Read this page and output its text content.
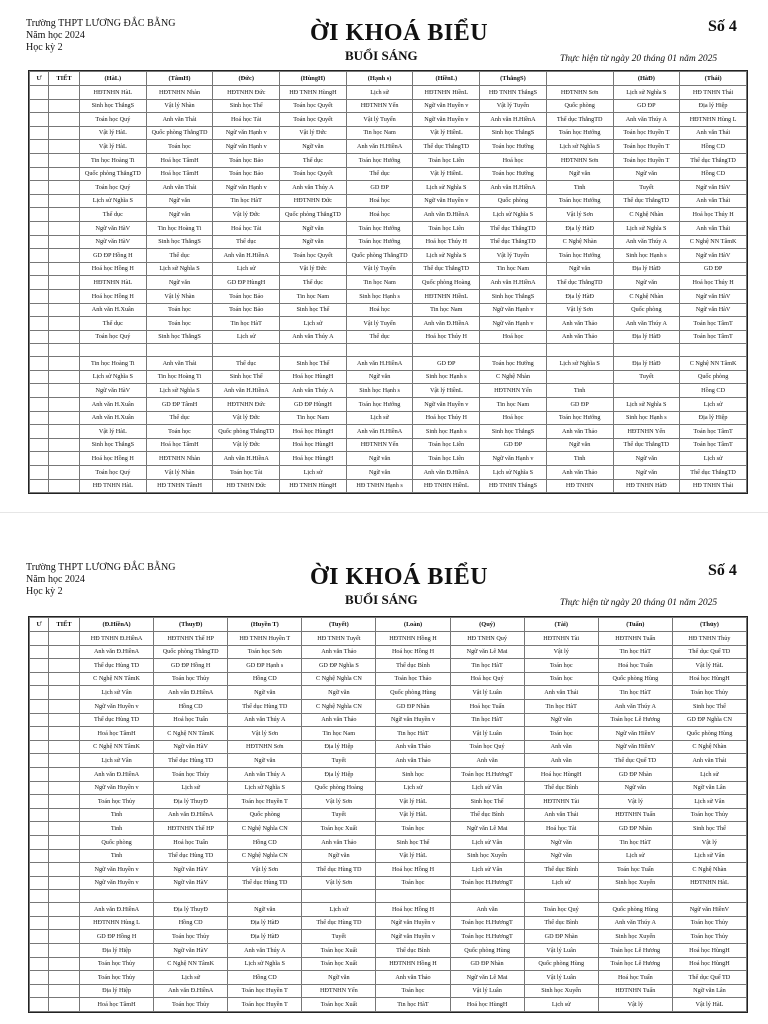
Trường THPT LƯƠNG ĐẮC BẰNG
Năm học 2024
Học kỳ 2
ỜI KHOÁ BIỂU
BUỔI SÁNG
Số 4
Thực hiện từ ngày 20 tháng 01 năm 2025
Ư	TIẾT	(HàL)	(TâmH)	(Đức)	(HùngH)	(Hạnh s)	(HiềnL)	(ThắngS)		(HàĐ)	(Thái)
		HĐTNHN HàL	HĐTNHN Nhàn	HĐTNHN Đức	HĐ TNHN HùngH	Lịch sử	HĐTNHN HiềnL	HĐ TNHN ThắngS	HĐTNHN Sơn	Lịch sử Nghĩa S	HĐ TNHN Thái
		Sinh học ThắngS	Vật lý Nhàn	Sinh học Thể	Toán học Quyết	HĐTNHN Yến	Ngữ văn Huyền v	Vật lý Tuyến	Quốc phòng	GD ĐP	Địa lý Hiệp
		Toán học Quý	Anh văn Thái	Hoá học Tài	Toán học Quyết	Vật lý Tuyến	Ngữ văn Huyền v	Anh văn H.HiềnA	Thể dục ThắngTD	Anh văn Thúy A	HĐTNHN Hùng L
		Vật lý HàL	Quốc phòng ThắngTD	Ngữ văn Hạnh v	Vật lý Đức	Tin học Nam	Vật lý HiềnL	Sinh học ThắngS	Toán học Hướng	Toán học Huyền T	Anh văn Thái
		Vật lý HàL	Toán học	Ngữ văn Hạnh v	Ngữ văn	Anh văn H.HiềnA	Thể dục ThắngTD	Toán học Hướng	Lịch sử Nghĩa S	Toán học Huyền T	Hồng CD
		Tin học Hoàng Ti	Hoá học TâmH	Toán học Bảo	Thể dục	Toán học Hướng	Toán học Liên	Hoá học	HĐTNHN Sơn	Toán học Huyền T	Thể dục ThắngTD
		Quốc phòng ThắngTD	Hoá học TâmH	Toán học Bảo	Toán học Quyết	Thể dục	Vật lý HiềnL	Toán học Hướng	Ngữ văn	Ngữ văn	Hồng CD
		Toán học Quý	Anh văn Thái	Ngữ văn Hạnh v	Anh văn Thúy A	GD ĐP	Lịch sử Nghĩa S	Anh văn H.HiềnA	Tinh	Tuyết	Ngữ văn HàV
		Lịch sử Nghĩa S	Ngữ văn	Tin học HàT	HĐTNHN Đức	Hoá học	Ngữ văn Huyền v	Quốc phòng	Toán học Hướng	Thể dục ThắngTD	Anh văn Thái
		Thể dục	Ngữ văn	Vật lý Đức	Quốc phòng ThắngTD	Hoá học	Anh văn Đ.HiềnA	Lịch sử Nghĩa S	Vật lý Sơn	C Nghệ Nhàn	Hoá học Thúy H
		Ngữ văn HàV	Tin học Hoàng Ti	Hoá học Tài	Ngữ văn	Toán học Hướng	Toán học Liên	Thể dục ThắngTD	Địa lý HàĐ	Lịch sử Nghĩa S	Anh văn Thái
		Ngữ văn HàV	Sinh học ThắngS	Thể dục	Ngữ văn	Toán học Hướng	Hoá học Thúy H	Thể dục ThắngTD	C Nghệ Nhàn	Anh văn Thúy A	C Nghệ NN TâmK
		GD ĐP Hồng H	Thể dục	Anh văn H.HiềnA	Toán học Quyết	Quốc phòng ThắngTD	Lịch sử Nghĩa S	Vật lý Tuyến	Toán học Hướng	Sinh học Hạnh s	Ngữ văn HàV
		Hoá học Hồng H	Lịch sử Nghĩa S	Lịch sử	Vật lý Đức	Vật lý Tuyến	Thể dục ThắngTD	Tin học Nam	Ngữ văn	Địa lý HàĐ	GD ĐP
		HĐTNHN HàL	Ngữ văn	GD ĐP HùngH	Thể dục	Tin học Nam	Quốc phòng Hoàng	Anh văn H.HiềnA	Thể dục ThắngTD	Ngữ văn	Hoá học Thúy H
		Hoá học Hồng H	Vật lý Nhàn	Toán học Bảo	Tin học Nam	Sinh học Hạnh s	HĐTNHN HiềnL	Sinh học ThắngS	Địa lý HàĐ	C Nghệ Nhàn	Ngữ văn HàV
		Anh văn H.Xuân	Toán học	Toán học Bảo	Sinh học Thể	Hoá học	Tin học Nam	Ngữ văn Hạnh v	Vật lý Sơn	Quốc phòng	Ngữ văn HàV
		Thể dục	Toán học	Tin học HàT	Lịch sử	Vật lý Tuyến	Anh văn Đ.HiềnA	Ngữ văn Hạnh v	Anh văn Thảo	Anh văn Thúy A	Toán học TâmT
		Toán học Quý	Sinh học ThắngS	Lịch sử	Anh văn Thúy A	Thể dục	Hoá học Thúy H	Hoá học	Anh văn Thảo	Địa lý HàĐ	Toán học TâmT

		Tin học Hoàng Ti	Anh văn Thái	Thể dục	Sinh học Thể	Anh văn H.HiềnA	GD ĐP	Toán học Hướng	Lịch sử Nghĩa S	Địa lý HàĐ	C Nghệ NN TâmK
		Lịch sử Nghĩa S	Tin học Hoàng Ti	Sinh học Thể	Hoá học HùngH	Ngữ văn	Sinh học Hạnh s	C Nghệ Nhàn		Tuyết	Quốc phòng
		Ngữ văn HàV	Lịch sử Nghĩa S	Anh văn H.HiềnA	Anh văn Thúy A	Sinh học Hạnh s	Vật lý HiềnL	HĐTNHN Yến	Tinh		Hồng CD
		Anh văn H.Xuân	GD ĐP TâmH	HĐTNHN Đức	GD ĐP HùngH	Toán học Hướng	Ngữ văn Huyền v	Tin học Nam	GD ĐP	Lịch sử Nghĩa S	Lịch sử
		Anh văn H.Xuân	Thể dục	Vật lý Đức	Tin học Nam	Lịch sử	Hoá học Thúy H	Hoá học	Toán học Hướng	Sinh học Hạnh s	Địa lý Hiệp
		Vật lý HàL	Toán học	Quốc phòng ThắngTD	Hoá học HùngH	Anh văn H.HiềnA	Sinh học Hạnh s	Sinh học ThắngS	Anh văn Thảo	HĐTNHN Yến	Toán học TâmT
		Sinh học ThắngS	Hoá học TâmH	Vật lý Đức	Hoá học HùngH	HĐTNHN Yến	Toán học Liên	GD ĐP	Ngữ văn	Thể dục ThắngTD	Toán học TâmT
		Hoá học Hồng H	HĐTNHN Nhàn	Anh văn H.HiềnA	Hoá học HùngH	Ngữ văn	Toán học Liên	Ngữ văn Hạnh v	Tinh	Ngữ văn	Lịch sử
		Toán học Quý	Vật lý Nhàn	Toán học Tài	Lịch sử	Ngữ văn	Anh văn Đ.HiềnA	Lịch sử Nghĩa S	Anh văn Thảo	Ngữ văn	Thể dục ThắngTD
		HĐ TNHN HàL	HĐ TNHN TâmH	HĐ TNHN Đức	HĐ TNHN HùngH	HĐ TNHN Hạnh s	HĐ TNHN HiềnL	HĐ TNHN ThắngS	HĐ TNHN	HĐ TNHN HàĐ	HĐ TNHN Thái
Trường THPT LƯƠNG ĐẮC BẰNG
Năm học 2024
Học kỳ 2
ỜI KHOÁ BIỂU
BUỔI SÁNG
Số 4
Thực hiện từ ngày 20 tháng 01 năm 2025
Ư	TIẾT	(Đ.HiềnA)	(ThuyĐ)	(Huyền T)	(Tuyết)	(I.oàn)	(Quý)	(Tài)	(Tuấn)	(Thủy)
		HĐ TNHN Đ.HiềnA	HĐTNHN Thể HP	HĐ TNHN Huyền T	HĐ TNHN Tuyết	HĐTNHN Hồng H	HĐ TNHN Quý	HĐTNHN Tài	HĐTNHN Tuấn	HĐ TNHN Thủy
		Anh văn Đ.HiềnA	Quốc phòng ThắngTD	Toán học Sơn	Anh văn Thảo	Hoá học Hồng H	Ngữ văn Lê Mai	Vật lý	Tin học HàT	Thể dục Quế TD
		Thể dục Hùng TD	GD ĐP Hồng H	GD ĐP Hạnh s	GD ĐP Nghĩa S	Thể dục Bình	Tin học HàT	Toán học	Hoá học Tuấn	Vật lý HàL
		C Nghệ NN TâmK	Toán học Thủy	Hồng CD	C Nghệ Nghĩa CN	Toán học Thảo	Hoá học Quý	Toán học	Quốc phòng Hùng	Hoá học HùngH
		Lịch sử Vân	Anh văn Đ.HiềnA	Ngữ văn	Ngữ văn	Quốc phòng Hùng	Vật lý Luân	Anh văn Thái	Tin học HàT	Toán học Thủy
		Ngữ văn Huyền v	Hồng CD	Thể dục Hùng TD	C Nghệ Nghĩa CN	GD ĐP Nhàn	Hoá học Tuấn	Tin học HàT	Anh văn Thúy A	Sinh học Thể
		Thể dục Hùng TD	Hoá học Tuấn	Anh văn Thúy A	Anh văn Thảo	Ngữ văn Huyền v	Tin học HàT	Ngữ văn	Toán học Lê Hương	GD ĐP Nghĩa CN
		Hoá học TâmH	C Nghệ NN TâmK	Vật lý Sơn	Tin học Nam	Tin học HàT	Vật lý Luân	Toán học	Ngữ văn HiềnV	Quốc phòng Hùng
		C Nghệ NN TâmK	Ngữ văn HàV	HĐTNHN Sơn	Địa lý Hiệp	Anh văn Thảo	Toán học Quý	Anh văn	Ngữ văn HiềnV	C Nghệ Nhàn
		Lịch sử Vân	Thể dục Hùng TD	Ngữ văn	Tuyết	Anh văn Thảo	Anh văn	Anh văn	Thể dục Quế TD	Anh văn Thái
		Anh văn Đ.HiềnA	Toán học Thủy	Anh văn Thúy A	Địa lý Hiệp	Sinh học	Toán học H.HươngT	Hoá học HùngH	GD ĐP Nhàn	Lịch sử
		Ngữ văn Huyền v	Lịch sử	Lịch sử Nghĩa S	Quốc phòng Hoàng	Lịch sử	Lịch sử Vân	Thể dục Bình	Ngữ văn	Ngữ văn Lân
		Toán học Thủy	Địa lý ThuyĐ	Toán học Huyền T	Vật lý Sơn	Vật lý HàL	Sinh học Thể	HĐTNHN Tài	Vật lý	Lịch sử Vân
		Tinh	Anh văn Đ.HiềnA	Quốc phòng	Tuyết	Vật lý HàL	Thể dục Bình	Anh văn Thái	HĐTNHN Tuấn	Toán học Thủy
		Tinh	HĐTNHN Thể HP	C Nghệ Nghĩa CN	Toán học Xuất	Toán học	Ngữ văn Lê Mai	Hoá học Tài	GD ĐP Nhàn	Sinh học Thể
		Quốc phòng	Hoá học Tuấn	Hồng CD	Anh văn Thảo	Sinh học Thể	Lịch sử Vân	Ngữ văn	Tin học HàT	Vật lý
		Tinh	Thể dục Hùng TD	C Nghệ Nghĩa CN	Ngữ văn	Vật lý HàL	Sinh học Xuyến	Ngữ văn	Lịch sử	Lịch sử Vân
		Ngữ văn Huyền v	Ngữ văn HàV	Vật lý Sơn	Thể dục Hùng TD	Hoá học Hồng H	Lịch sử Vân	Thể dục Bình	Toán học Tuấn	C Nghệ Nhàn
		Ngữ văn Huyền v	Ngữ văn HàV	Thể dục Hùng TD	Vật lý Sơn	Toán học	Toán học H.HươngT	Lịch sử	Sinh học Xuyến	HĐTNHN HàL

		Anh văn Đ.HiềnA	Địa lý ThuyĐ	Ngữ văn	Lịch sử	Hoá học Hồng H	Anh văn	Toán học Quý	Quốc phòng Hùng	Ngữ văn HiềnV
		HĐTNHN Hùng L	Hồng CD	Địa lý HàĐ	Thể dục Hùng TD	Ngữ văn Huyền v	Toán học H.HươngT	Thể dục Bình	Anh văn Thúy A	Toán học Thủy
		GD ĐP Hồng H	Toán học Thủy	Địa lý HàĐ	Tuyết	Ngữ văn Huyền v	Toán học H.HươngT	GD ĐP Nhàn	Sinh học Xuyến	Toán học Thủy
		Địa lý Hiệp	Ngữ văn HàV	Anh văn Thúy A	Toán học Xuất	Thể dục Bình	Quốc phòng Hùng	Vật lý Luân	Toán học Lê Hương	Hoá học HùngH
		Toán học Thủy	C Nghệ NN TâmK	Lịch sử Nghĩa S	Toán học Xuất	HĐTNHN Hồng H	GD ĐP Nhàn	Quốc phòng Hùng	Toán học Lê Hương	Hoá học HùngH
		Toán học Thủy	Lịch sử	Hồng CD	Ngữ văn	Anh văn Thảo	Ngữ văn Lê Mai	Vật lý Luân	Hoá học Tuấn	Thể dục Quế TD
		Địa lý Hiệp	Anh văn Đ.HiềnA	Toán học Huyền T	HĐTNHN Yến	Toán học	Vật lý Luân	Sinh học Xuyến	HĐTNHN Tuấn	Ngữ văn Lân
		Hoá học TâmH	Toán học Thủy	Toán học Huyền T	Toán học Xuất	Tin học HàT	Hoá học HùngH	Lịch sử	Vật lý	Vật lý HàL
